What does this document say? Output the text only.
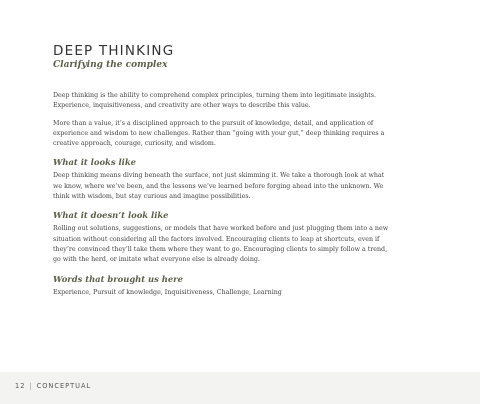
DEEP THINKING
Clarifying the complex

Deep thinking is the ability to comprehend complex principles, turning them into legitimate insights. Experience, inquisitiveness, and creativity are other ways to describe this value.

More than a value, it’s a disciplined approach to the pursuit of knowledge, detail, and application of experience and wisdom to new challenges. Rather than “going with your gut,” deep thinking requires a creative approach, courage, curiosity, and wisdom.

What it looks like

Deep thinking means diving beneath the surface, not just skimming it. We take a thorough look at what we know, where we’ve been, and the lessons we’ve learned before forging ahead into the unknown. We think with wisdom, but stay curious and imagine possibilities.

What it doesn’t look like

Rolling out solutions, suggestions, or models that have worked before and just plugging them into a new situation without considering all the factors involved. Encouraging clients to leap at shortcuts, even if they’re convinced they’ll take them where they want to go. Encouraging clients to simply follow a trend, go with the herd, or imitate what everyone else is already doing.

Words that brought us here

Experience, Pursuit of knowledge, Inquisitiveness, Challenge, Learning

12 | CONCEPTUAL
